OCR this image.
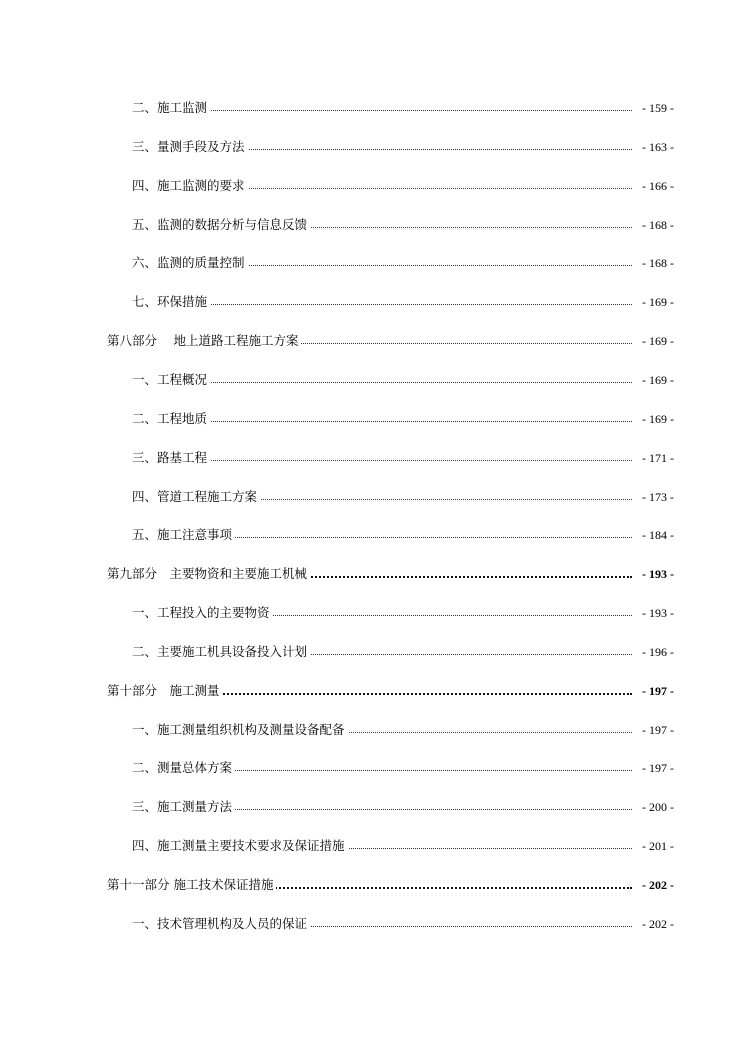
二、施工监测	- 159 -
三、量测手段及方法	- 163 -
四、施工监测的要求	- 166 -
五、监测的数据分析与信息反馈	- 168 -
六、监测的质量控制	- 168 -
七、环保措施	- 169 -
第八部分　 地上道路工程施工方案	- 169 -
一、工程概况	- 169 -
二、工程地质	- 169 -
三、路基工程	- 171 -
四、管道工程施工方案	- 173 -
五、施工注意事项	- 184 -
第九部分　主要物资和主要施工机械	- 193 -
一、工程投入的主要物资	- 193 -
二、主要施工机具设备投入计划	- 196 -
第十部分　施工测量	- 197 -
一、施工测量组织机构及测量设备配备	- 197 -
二、测量总体方案	- 197 -
三、施工测量方法	- 200 -
四、施工测量主要技术要求及保证措施	- 201 -
第十一部分 施工技术保证措施	- 202 -
一、技术管理机构及人员的保证	- 202 -
